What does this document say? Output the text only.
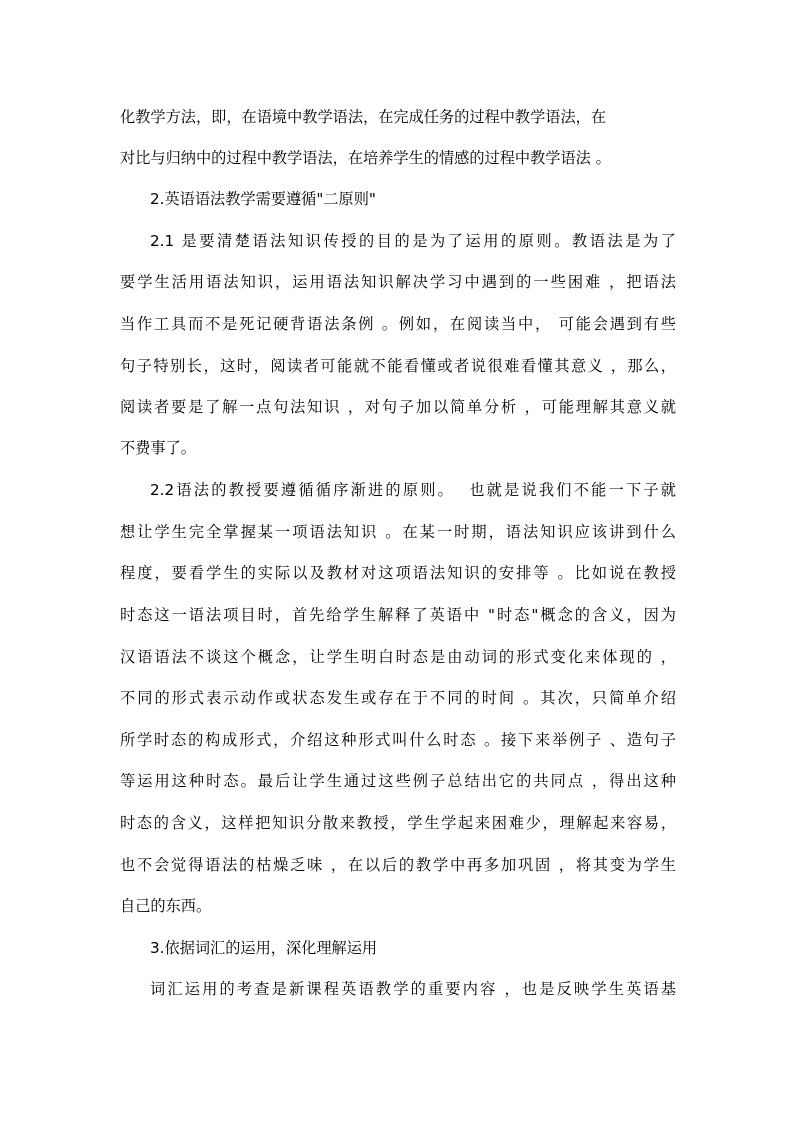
化教学方法，即，在语境中教学语法，在完成任务的过程中教学语法，在
对比与归纳中的过程中教学语法，在培养学生的情感的过程中教学语法 。
2.英语语法教学需要遵循"二原则"
2.1 是要清楚语法知识传授的目的是为了运用的原则。教语法是为了
要学生活用语法知识，运用语法知识解决学习中遇到的一些困难 ，把语法
当作工具而不是死记硬背语法条例 。例如，在阅读当中， 可能会遇到有些
句子特别长，这时，阅读者可能就不能看懂或者说很难看懂其意义 ，那么，
阅读者要是了解一点句法知识 ，对句子加以简单分析 ，可能理解其意义就
不费事了。
2.2语法的教授要遵循循序渐进的原则。  也就是说我们不能一下子就
想让学生完全掌握某一项语法知识 。在某一时期，语法知识应该讲到什么
程度，要看学生的实际以及教材对这项语法知识的安排等 。比如说在教授
时态这一语法项目时，首先给学生解释了英语中 "时态"概念的含义，因为
汉语语法不谈这个概念，让学生明白时态是由动词的形式变化来体现的 ，
不同的形式表示动作或状态发生或存在于不同的时间 。其次，只简单介绍
所学时态的构成形式，介绍这种形式叫什么时态 。接下来举例子 、造句子
等运用这种时态。最后让学生通过这些例子总结出它的共同点 ，得出这种
时态的含义，这样把知识分散来教授，学生学起来困难少，理解起来容易，
也不会觉得语法的枯燥乏味 ，在以后的教学中再多加巩固 ，将其变为学生
自己的东西。
3.依据词汇的运用，深化理解运用
词汇运用的考查是新课程英语教学的重要内容 ，也是反映学生英语基
